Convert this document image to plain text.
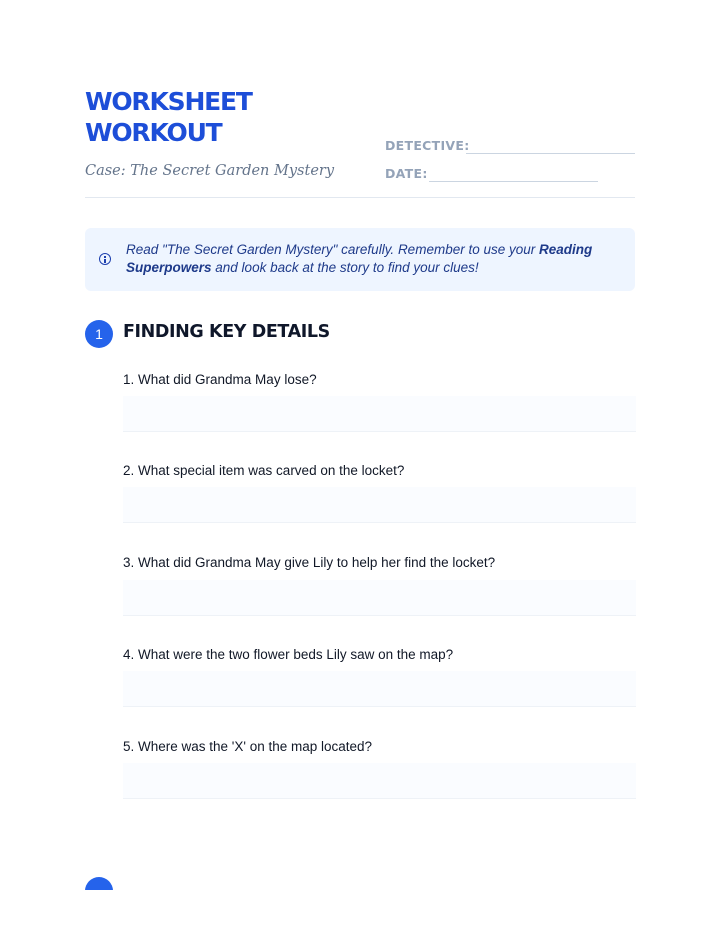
WORKSHEET
WORKOUT
Case: The Secret Garden Mystery
DETECTIVE:
DATE:
Read "The Secret Garden Mystery" carefully. Remember to use your Reading Superpowers and look back at the story to find your clues!
1	FINDING KEY DETAILS
1. What did Grandma May lose?
2. What special item was carved on the locket?
3. What did Grandma May give Lily to help her find the locket?
4. What were the two flower beds Lily saw on the map?
5. Where was the 'X' on the map located?
